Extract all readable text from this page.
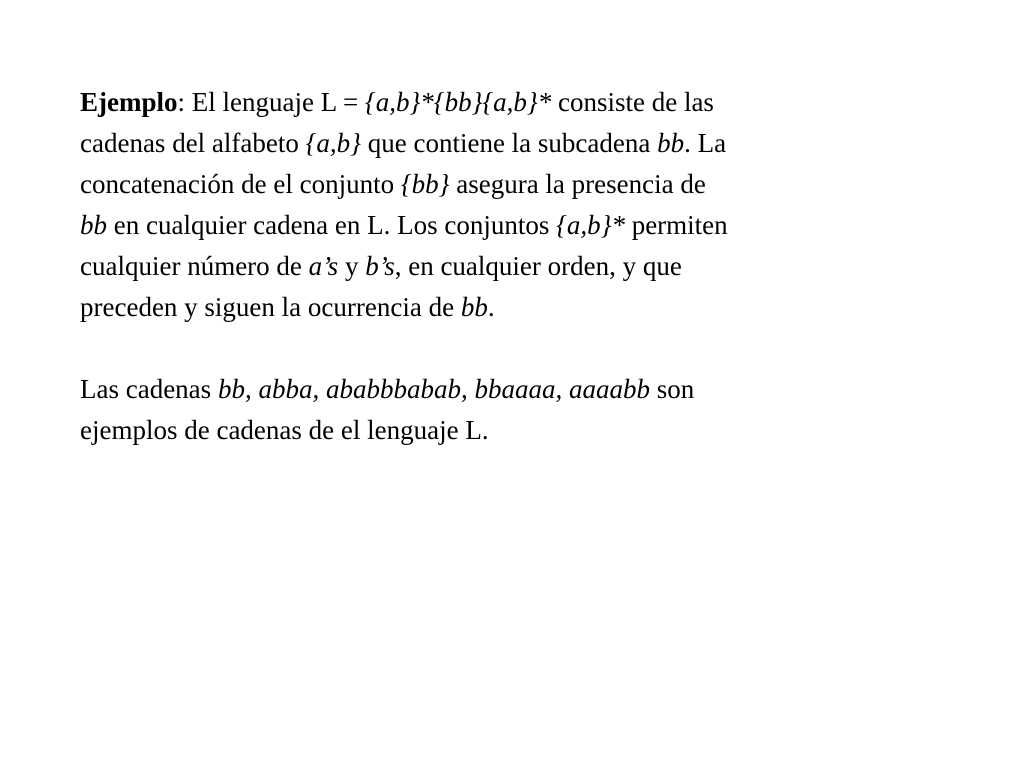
Ejemplo: El lenguaje L = {a,b}*{bb}{a,b}* consiste de las
cadenas del alfabeto {a,b} que contiene la subcadena bb. La
concatenación de el conjunto {bb} asegura la presencia de
bb en cualquier cadena en L. Los conjuntos {a,b}* permiten
cualquier número de a’s y b’s, en cualquier orden, y que
preceden y siguen la ocurrencia de bb.
Las cadenas bb, abba, ababbbabab, bbaaaa, aaaabb son
ejemplos de cadenas de el lenguaje L.
